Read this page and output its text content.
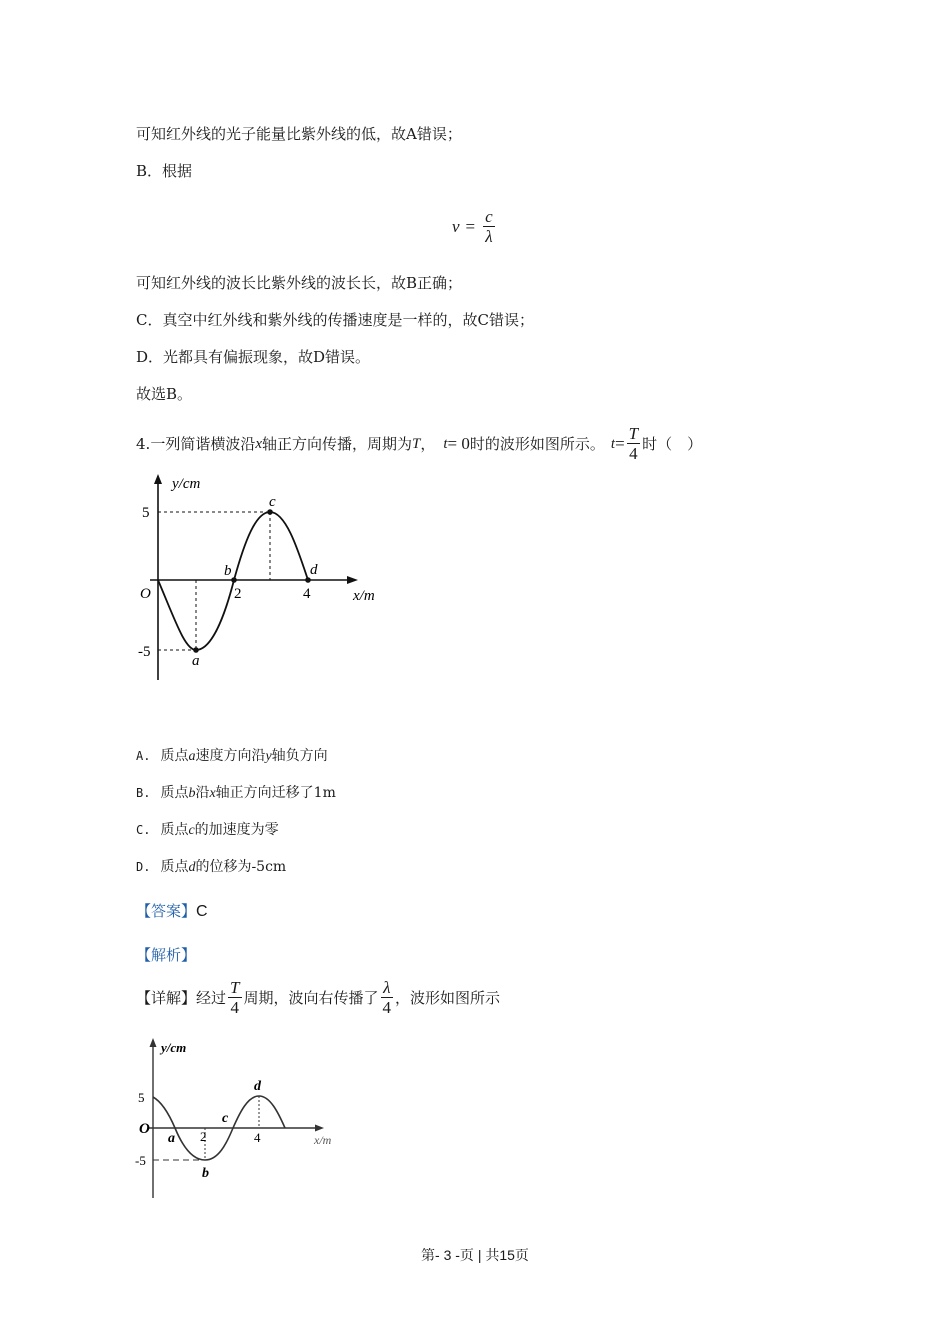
可知红外线的光子能量比紫外线的低，故A错误；
B．根据
$\nu = \frac{c}{\lambda}$
可知红外线的波长比紫外线的波长长，故B正确；
C．真空中红外线和紫外线的传播速度是一样的，故C错误；
D．光都具有偏振现象，故D错误。
故选B。
4. 一列简谐横波沿 x 轴正方向传播，周期为 T ， t = 0 时的波形如图所示。 $t = \frac{T}{4}$ 时（　）
y/cm
x/m
5
-5
O	2	4
a
b
c
d
A. 质点a速度方向沿y轴负方向
B. 质点b沿x轴正方向迁移了1m
C. 质点c的加速度为零
D. 质点d的位移为-5cm
【答案】C
【解析】
【详解】 经过 $\frac{T}{4}$ 周期，波向右传播了 $\frac{\lambda}{4}$ ，波形如图所示
y/cm
x/m
5
-5
O	2	4
a
b
c
d
第- 3 -页 | 共15页
